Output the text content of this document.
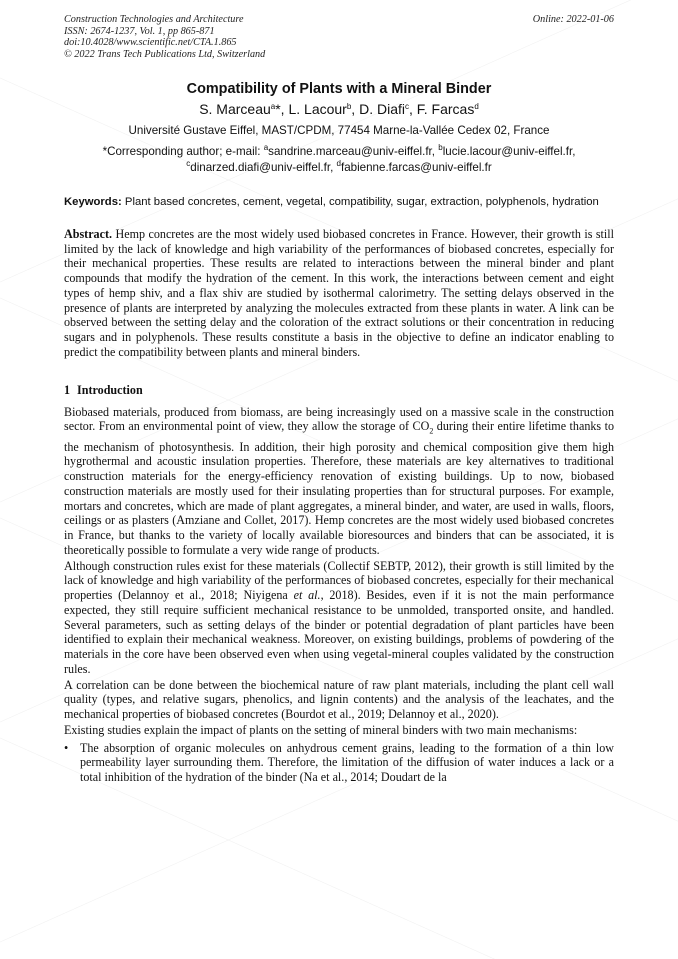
Construction Technologies and Architecture
ISSN: 2674-1237, Vol. 1, pp 865-871
doi:10.4028/www.scientific.net/CTA.1.865
© 2022 Trans Tech Publications Ltd, Switzerland
Online: 2022-01-06
Compatibility of Plants with a Mineral Binder
S. Marceau$^a$*, L. Lacour$^b$, D. Diafi$^c$, F. Farcas$^d$
Université Gustave Eiffel, MAST/CPDM, 77454 Marne-la-Vallée Cedex 02, France
*Corresponding author; e-mail: $^a$sandrine.marceau@univ-eiffel.fr, $^b$lucie.lacour@univ-eiffel.fr,
$^c$dinarzed.diafi@univ-eiffel.fr, $^d$fabienne.farcas@univ-eiffel.fr
Keywords: Plant based concretes, cement, vegetal, compatibility, sugar, extraction, polyphenols, hydration

Abstract. Hemp concretes are the most widely used biobased concretes in France. However, their growth is still limited by the lack of knowledge and high variability of the performances of biobased concretes, especially for their mechanical properties. These results are related to interactions between the mineral binder and plant compounds that modify the hydration of the cement. In this work, the interactions between cement and eight types of hemp shiv, and a flax shiv are studied by isothermal calorimetry. The setting delays observed in the presence of plants are interpreted by analyzing the molecules extracted from these plants in water. A link can be observed between the setting delay and the coloration of the extract solutions or their concentration in reducing sugars and in polyphenols. These results constitute a basis in the objective to define an indicator enabling to predict the compatibility between plants and mineral binders.

1 Introduction

Biobased materials, produced from biomass, are being increasingly used on a massive scale in the construction sector. From an environmental point of view, they allow the storage of $CO_2$ during their entire lifetime thanks to the mechanism of photosynthesis. In addition, their high porosity and chemical composition give them high hygrothermal and acoustic insulation properties. Therefore, these materials are key alternatives to traditional construction materials for the energy-efficiency renovation of existing buildings. Up to now, biobased construction materials are mostly used for their insulating properties than for structural purposes. For example, mortars and concretes, which are made of plant aggregates, a mineral binder, and water, are used in walls, floors, ceilings or as plasters (Amziane and Collet, 2017). Hemp concretes are the most widely used biobased concretes in France, but thanks to the variety of locally available bioresources and binders that can be associated, it is theoretically possible to formulate a very wide range of products.

Although construction rules exist for these materials (Collectif SEBTP, 2012), their growth is still limited by the lack of knowledge and high variability of the performances of biobased concretes, especially for their mechanical properties (Delannoy et al., 2018; Niyigena et al., 2018). Besides, even if it is not the main performance expected, they still require sufficient mechanical resistance to be unmolded, transported onsite, and handled. Several parameters, such as setting delays of the binder or potential degradation of plant particles have been identified to explain their mechanical weakness. Moreover, on existing buildings, problems of powdering of the materials in the core have been observed even when using vegetal-mineral couples validated by the construction rules.

A correlation can be done between the biochemical nature of raw plant materials, including the plant cell wall quality (types, and relative sugars, phenolics, and lignin contents) and the analysis of the leachates, and the mechanical properties of biobased concretes (Bourdot et al., 2019; Delannoy et al., 2020).

Existing studies explain the impact of plants on the setting of mineral binders with two main mechanisms:

• The absorption of organic molecules on anhydrous cement grains, leading to the formation of a thin low permeability layer surrounding them. Therefore, the limitation of the diffusion of water induces a lack or a total inhibition of the hydration of the binder (Na et al., 2014; Doudart de la
